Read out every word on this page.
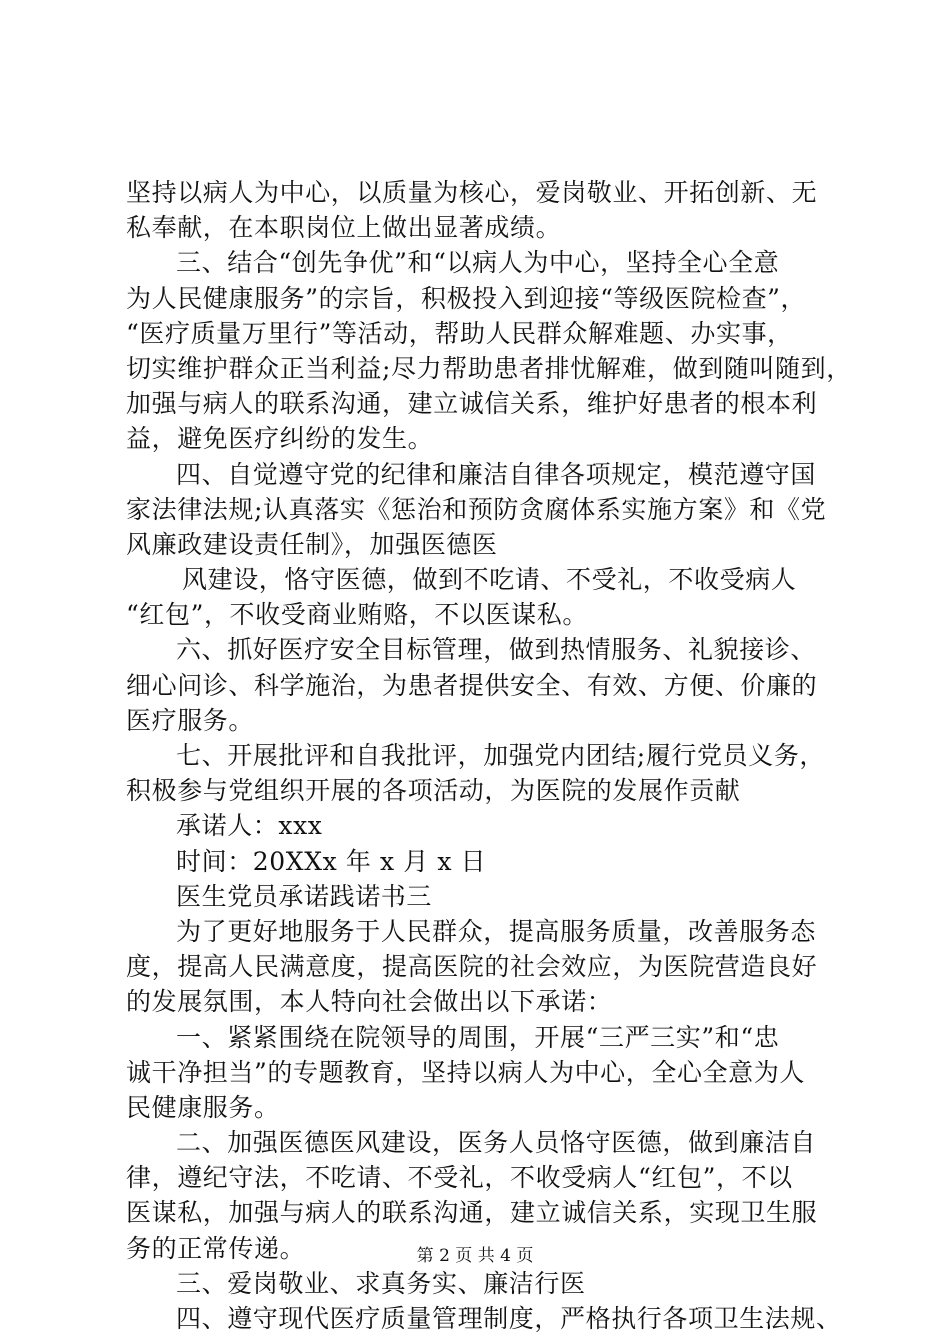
坚持以病人为中心，以质量为核心，爱岗敬业、开拓创新、无
私奉献，在本职岗位上做出显著成绩。
三、结合“创先争优”和“以病人为中心，坚持全心全意
为人民健康服务”的宗旨，积极投入到迎接“等级医院检查”，
“医疗质量万里行”等活动，帮助人民群众解难题、办实事，
切实维护群众正当利益;尽力帮助患者排忧解难，做到随叫随到，
加强与病人的联系沟通，建立诚信关系，维护好患者的根本利
益，避免医疗纠纷的发生。
四、自觉遵守党的纪律和廉洁自律各项规定，模范遵守国
家法律法规;认真落实《惩治和预防贪腐体系实施方案》和《党
风廉政建设责任制》，加强医德医
风建设，恪守医德，做到不吃请、不受礼，不收受病人
“红包”，不收受商业贿赂，不以医谋私。
六、抓好医疗安全目标管理，做到热情服务、礼貌接诊、
细心问诊、科学施治，为患者提供安全、有效、方便、价廉的
医疗服务。
七、开展批评和自我批评，加强党内团结;履行党员义务，
积极参与党组织开展的各项活动，为医院的发展作贡献
承诺人：xxx
时间：20XXx 年 x 月 x 日
医生党员承诺践诺书三
为了更好地服务于人民群众，提高服务质量，改善服务态
度，提高人民满意度，提高医院的社会效应，为医院营造良好
的发展氛围，本人特向社会做出以下承诺：
一、紧紧围绕在院领导的周围，开展“三严三实”和“忠
诚干净担当”的专题教育，坚持以病人为中心，全心全意为人
民健康服务。
二、加强医德医风建设，医务人员恪守医德，做到廉洁自
律，遵纪守法，不吃请、不受礼，不收受病人“红包”，不以
医谋私，加强与病人的联系沟通，建立诚信关系，实现卫生服
务的正常传递。
三、爱岗敬业、求真务实、廉洁行医
四、遵守现代医疗质量管理制度，严格执行各项卫生法规、
第 2 页 共 4 页
